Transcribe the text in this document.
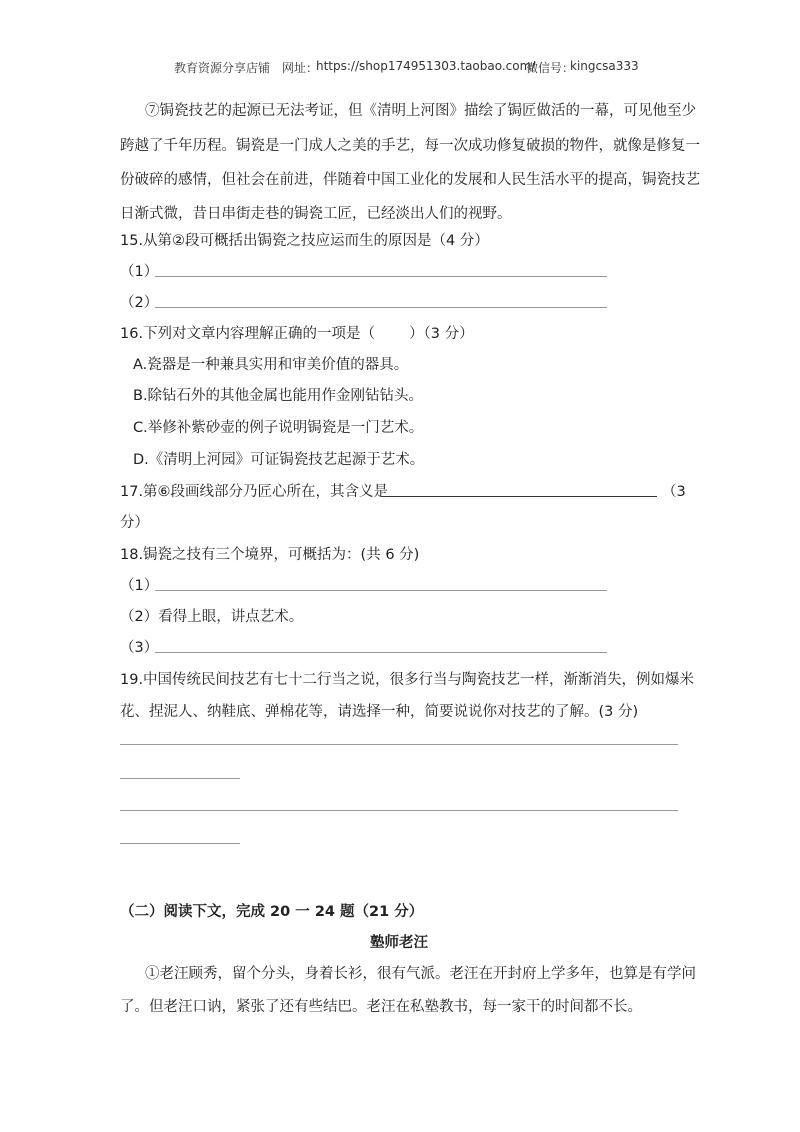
教育资源分享店铺 网址：
https://shop174951303.taobao.com/
微信号：
kingcsa333
⑦锔瓷技艺的起源已无法考证，但《清明上河图》描绘了锔匠做活的一幕，可见他至少
跨越了千年历程。锔瓷是一门成人之美的手艺，每一次成功修复破损的物件，就像是修复一
份破碎的感情，但社会在前进，伴随着中国工业化的发展和人民生活水平的提高，锔瓷技艺
日渐式微，昔日串街走巷的锔瓷工匠，已经淡出人们的视野。
15.从第②段可概括出锔瓷之技应运而生的原因是（4 分）
（1）
（2）
16.下列对文章内容理解正确的一项是（ ）（3 分）
A.瓷器是一种兼具实用和审美价值的器具。
B.除钻石外的其他金属也能用作金刚钻钻头。
C.举修补紫砂壶的例子说明锔瓷是一门艺术。
D.《清明上河园》可证锔瓷技艺起源于艺术。
17.第⑥段画线部分乃匠心所在，其含义是	（3
分）
18.锔瓷之技有三个境界，可概括为：(共 6 分)
（1）
（2）看得上眼，讲点艺术。
（3）
19.中国传统民间技艺有七十二行当之说，很多行当与陶瓷技艺一样，渐渐消失，例如爆米
花、捏泥人、纳鞋底、弹棉花等，请选择一种，简要说说你对技艺的了解。(3 分)
（二）阅读下文，完成 20 一 24 题（21 分）
塾师老汪
①老汪顾秀，留个分头，身着长衫，很有气派。老汪在开封府上学多年，也算是有学问
了。但老汪口讷，紧张了还有些结巴。老汪在私塾教书，每一家干的时间都不长。
